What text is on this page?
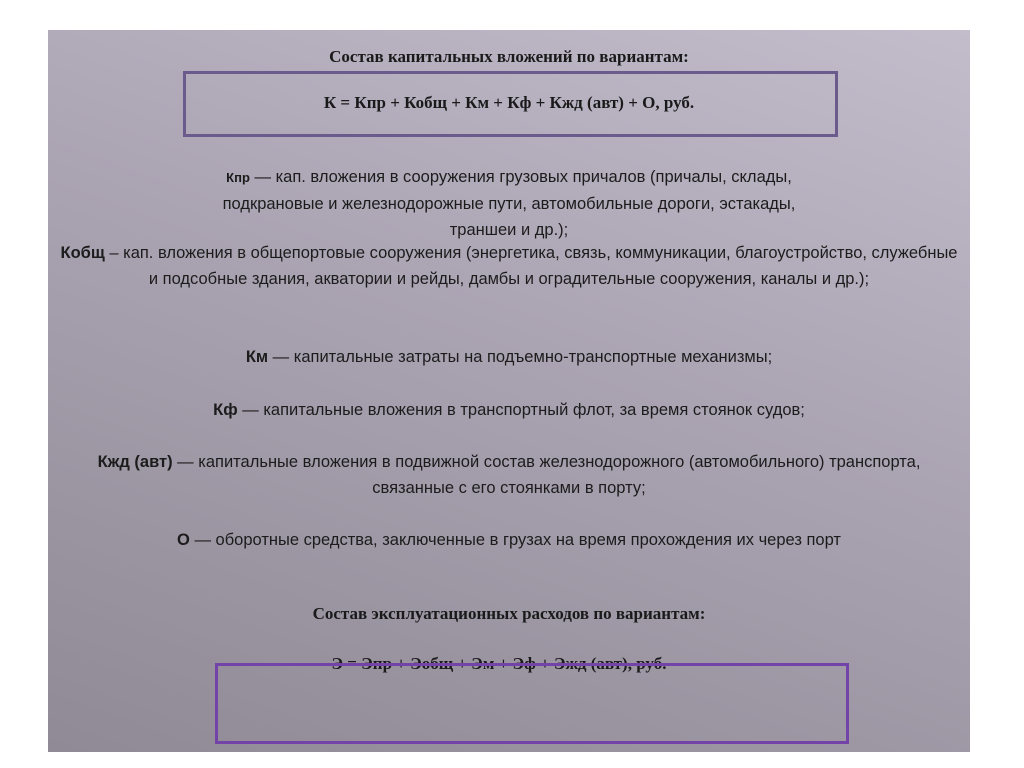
Состав капитальных вложений по вариантам:
К = Кпр + Кобщ + Км + Кф + Кжд (авт) + О, руб.
Кпр — кап. вложения в сооружения грузовых причалов (причалы, склады, подкрановые и железнодорожные пути, автомобильные дороги, эстакады, траншеи и др.);
Кобщ – кап. вложения в общепортовые сооружения (энергетика, связь, коммуникации, благоустройство, служебные и подсобные здания, акватории и рейды, дамбы и оградительные сооружения, каналы и др.);
Км — капитальные затраты на подъемно-транспортные механизмы;
Кф — капитальные вложения в транспортный флот, за время стоянок судов;
Кжд (авт) — капитальные вложения в подвижной состав железнодорожного (автомобильного) транспорта, связанные с его стоянками в порту;
О — оборотные средства, заключенные в грузах на время прохождения их через порт
Состав эксплуатационных расходов по вариантам:
Э = Эпр + Эобщ + Эм + Эф + Эжд (авт), руб.
